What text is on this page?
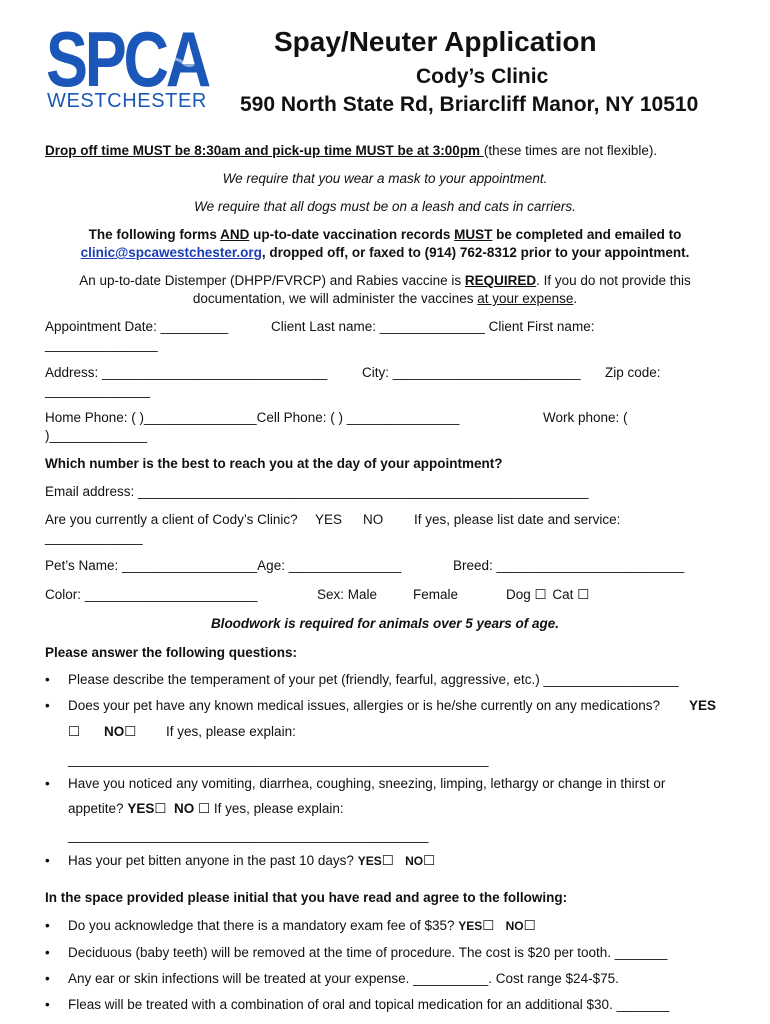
SPCA
WESTCHESTER
Spay/Neuter Application
Cody’s Clinic
590 North State Rd, Briarcliff Manor, NY 10510
Drop off time MUST be 8:30am and pick-up time MUST be at 3:00pm (these times are not flexible).
We require that you wear a mask to your appointment.
We require that all dogs must be on a leash and cats in carriers.
The following forms AND up-to-date vaccination records MUST be completed and emailed to
clinic@spcawestchester.org, dropped off, or faxed to (914) 762-8312 prior to your appointment.
An up-to-date Distemper (DHPP/FVRCP) and Rabies vaccine is REQUIRED. If you do not provide this
documentation, we will administer the vaccines at your expense.
Appointment Date: _________	Client Last name: ______________ Client First name:
_______________
Address: ______________________________	City: _________________________ Zip code:
______________
Home Phone: ( )_______________Cell Phone: ( ) _______________	Work phone: (
)_____________
Which number is the best to reach you at the day of your appointment?
Email address: ____________________________________________________________
Are you currently a client of Cody’s Clinic? YES NO If yes, please list date and service:
_____________
Pet’s Name: __________________Age: _______________	Breed: _________________________
Color: _______________________	Sex: Male	Female	Dog ☐ Cat ☐
Bloodwork is required for animals over 5 years of age.
Please answer the following questions:
•
Please describe the temperament of your pet (friendly, fearful, aggressive, etc.) __________________
•
Does your pet have any known medical issues, allergies or is he/she currently on any medications? YES
☐ NO☐ If yes, please explain:
________________________________________________________
•
Have you noticed any vomiting, diarrhea, coughing, sneezing, limping, lethargy or change in thirst or
appetite? YES☐ NO ☐ If yes, please explain:
________________________________________________
•
Has your pet bitten anyone in the past 10 days? YES☐ NO☐
In the space provided please initial that you have read and agree to the following:
•
Do you acknowledge that there is a mandatory exam fee of $35? YES☐ NO☐
•
Deciduous (baby teeth) will be removed at the time of procedure. The cost is $20 per tooth. _______
•
Any ear or skin infections will be treated at your expense. __________. Cost range $24-$75.
•
Fleas will be treated with a combination of oral and topical medication for an additional $30. _______
